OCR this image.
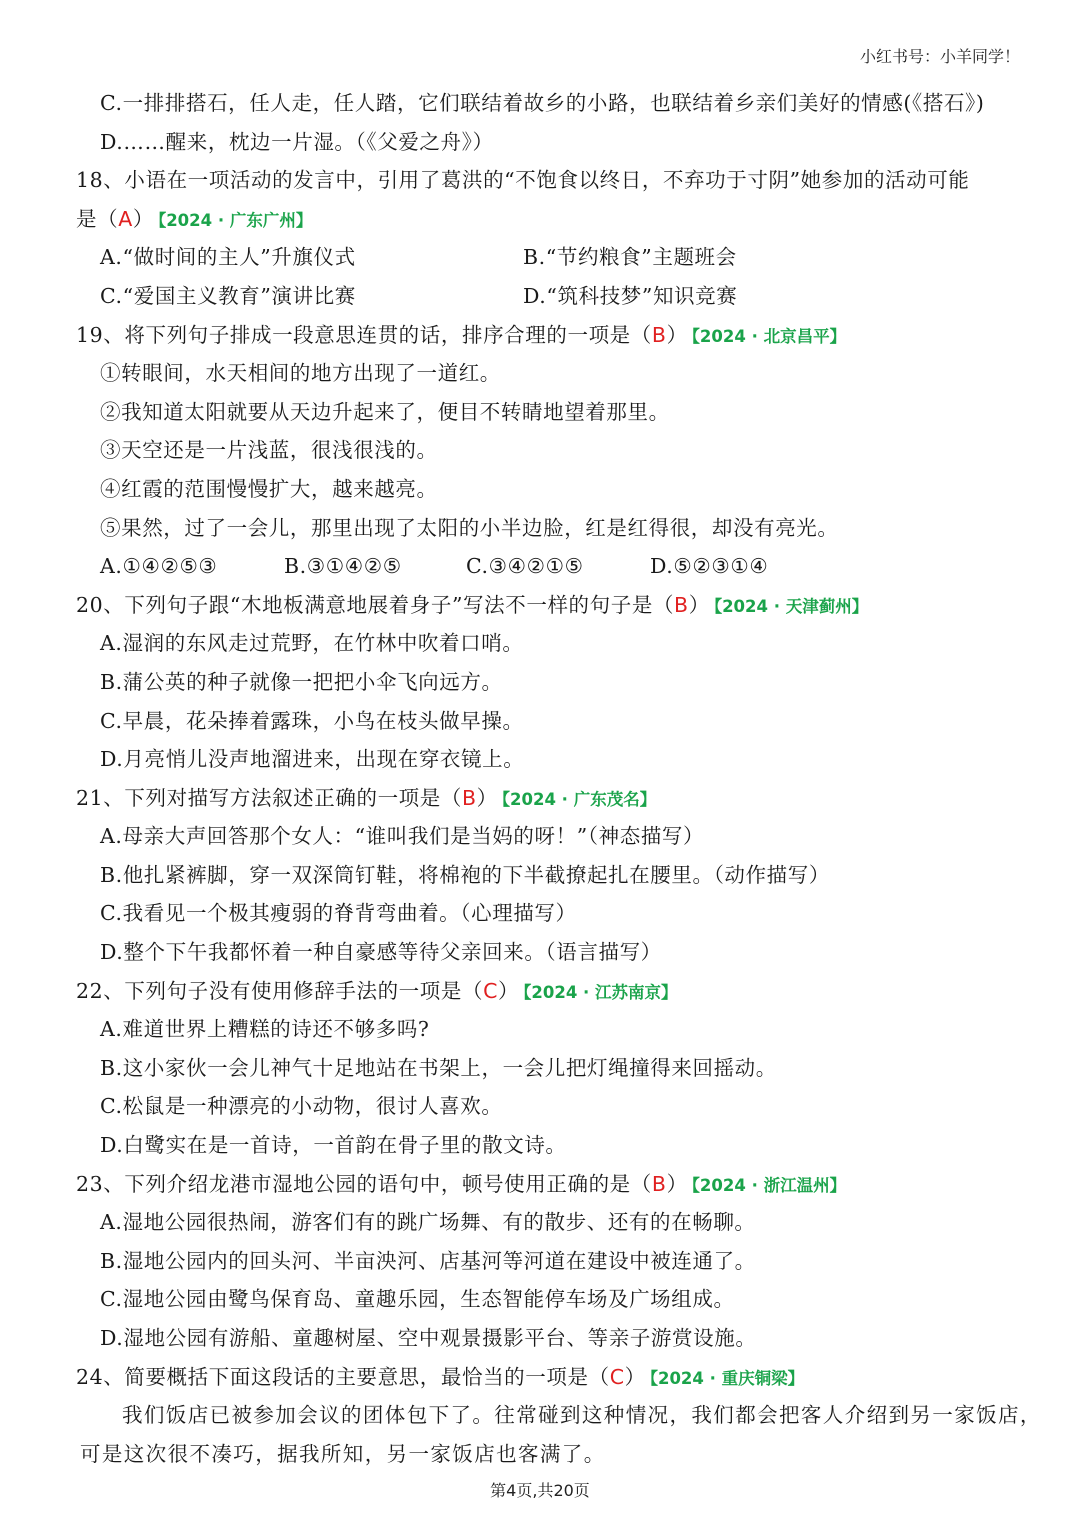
小红书号：小羊同学！
C.一排排搭石，任人走，任人踏，它们联结着故乡的小路，也联结着乡亲们美好的情感(《搭石》)
D.……醒来，枕边一片湿。（《父爱之舟》）
18、小语在一项活动的发言中，引用了葛洪的“不饱食以终日，不弃功于寸阴”她参加的活动可能
是（A） 【2024 · 广东广州】
A.“做时间的主人”升旗仪式	B.“节约粮食”主题班会
C.“爱国主义教育”演讲比赛	D.“筑科技梦”知识竞赛
19、将下列句子排成一段意思连贯的话，排序合理的一项是（B） 【2024 · 北京昌平】
①转眼间，水天相间的地方出现了一道红。
②我知道太阳就要从天边升起来了，便目不转睛地望着那里。
③天空还是一片浅蓝，很浅很浅的。
④红霞的范围慢慢扩大，越来越亮。
⑤果然，过了一会儿，那里出现了太阳的小半边脸，红是红得很，却没有亮光。
A.①④②⑤③	B.③①④②⑤	C.③④②①⑤	D.⑤②③①④
20、下列句子跟“木地板满意地展着身子”写法不一样的句子是（B） 【2024 · 天津蓟州】
A.湿润的东风走过荒野，在竹林中吹着口哨。
B.蒲公英的种子就像一把把小伞飞向远方。
C.早晨，花朵捧着露珠，小鸟在枝头做早操。
D.月亮悄儿没声地溜进来，出现在穿衣镜上。
21、下列对描写方法叙述正确的一项是（B） 【2024 · 广东茂名】
A.母亲大声回答那个女人：“谁叫我们是当妈的呀！”（神态描写）
B.他扎紧裤脚，穿一双深筒钉鞋，将棉袍的下半截撩起扎在腰里。（动作描写）
C.我看见一个极其瘦弱的脊背弯曲着。（心理描写）
D.整个下午我都怀着一种自豪感等待父亲回来。（语言描写）
22、下列句子没有使用修辞手法的一项是（C） 【2024 · 江苏南京】
A.难道世界上糟糕的诗还不够多吗?
B.这小家伙一会儿神气十足地站在书架上，一会儿把灯绳撞得来回摇动。
C.松鼠是一种漂亮的小动物，很讨人喜欢。
D.白鹭实在是一首诗，一首韵在骨子里的散文诗。
23、下列介绍龙港市湿地公园的语句中，顿号使用正确的是（B） 【2024 · 浙江温州】
A.湿地公园很热闹，游客们有的跳广场舞、有的散步、还有的在畅聊。
B.湿地公园内的回头河、半亩泱河、店基河等河道在建设中被连通了。
C.湿地公园由鹭鸟保育岛、童趣乐园，生态智能停车场及广场组成。
D.湿地公园有游船、童趣树屋、空中观景摄影平台、等亲子游赏设施。
24、简要概括下面这段话的主要意思，最恰当的一项是（C） 【2024 · 重庆铜梁】
我们饭店已被参加会议的团体包下了。往常碰到这种情况，我们都会把客人介绍到另一家饭店，
可是这次很不凑巧，据我所知，另一家饭店也客满了。
第4页,共20页
